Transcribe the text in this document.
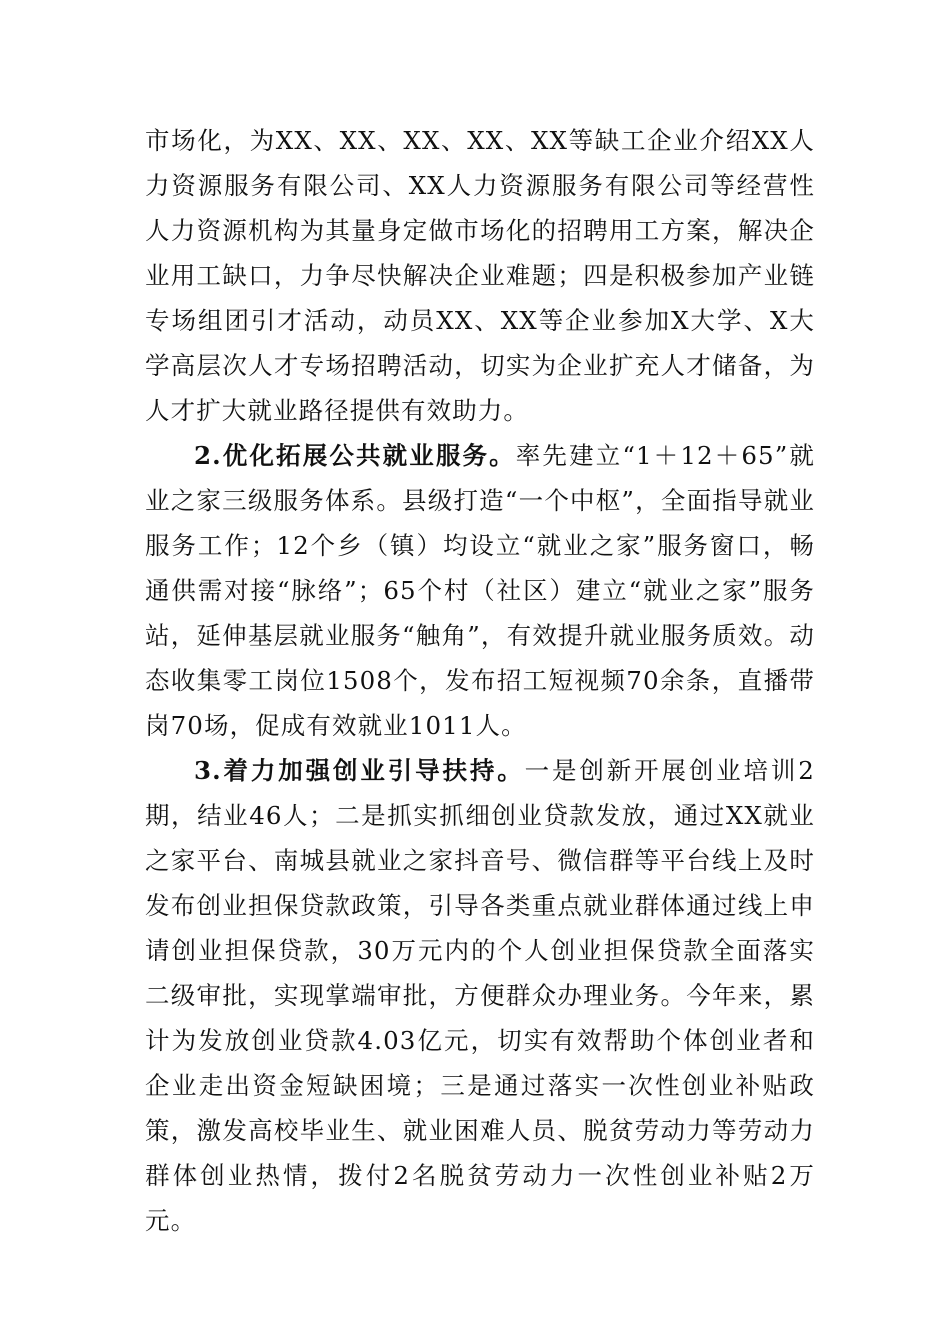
市场化，为XX、XX、XX、XX、XX等缺工企业介绍XX人力资源服务有限公司、XX人力资源服务有限公司等经营性人力资源机构为其量身定做市场化的招聘用工方案，解决企业用工缺口，力争尽快解决企业难题；四是积极参加产业链专场组团引才活动，动员XX、XX等企业参加X大学、X大学高层次人才专场招聘活动，切实为企业扩充人才储备，为人才扩大就业路径提供有效助力。

2.优化拓展公共就业服务。率先建立“1＋12＋65”就业之家三级服务体系。县级打造“一个中枢”，全面指导就业服务工作；12个乡（镇）均设立“就业之家”服务窗口，畅通供需对接“脉络”；65个村（社区）建立“就业之家”服务站，延伸基层就业服务“触角”，有效提升就业服务质效。动态收集零工岗位1508个，发布招工短视频70余条，直播带岗70场，促成有效就业1011人。

3.着力加强创业引导扶持。一是创新开展创业培训2期，结业46人；二是抓实抓细创业贷款发放，通过XX就业之家平台、南城县就业之家抖音号、微信群等平台线上及时发布创业担保贷款政策，引导各类重点就业群体通过线上申请创业担保贷款，30万元内的个人创业担保贷款全面落实二级审批，实现掌端审批，方便群众办理业务。今年来，累计为发放创业贷款4.03亿元，切实有效帮助个体创业者和企业走出资金短缺困境；三是通过落实一次性创业补贴政策，激发高校毕业生、就业困难人员、脱贫劳动力等劳动力群体创业热情，拨付2名脱贫劳动力一次性创业补贴2万元。
